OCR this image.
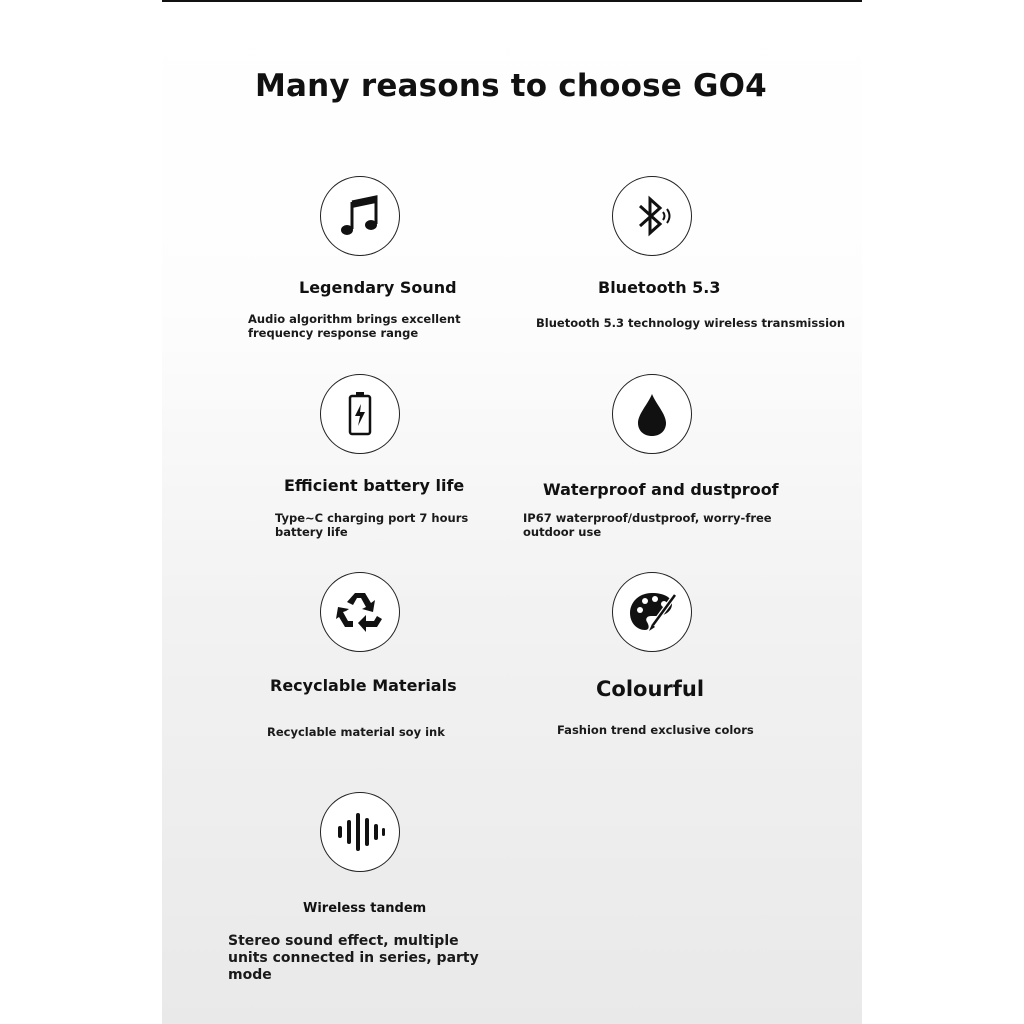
Many reasons to choose GO4
Legendary Sound
Audio algorithm brings excellent frequency response range
Bluetooth 5.3
Bluetooth 5.3 technology wireless transmission
Efficient battery life
Type~C charging port 7 hours battery life
Waterproof and dustproof
IP67 waterproof/dustproof, worry-free outdoor use
Recyclable Materials
Recyclable material soy ink
Colourful
Fashion trend exclusive colors
Wireless tandem
Stereo sound effect, multiple units connected in series, party mode
